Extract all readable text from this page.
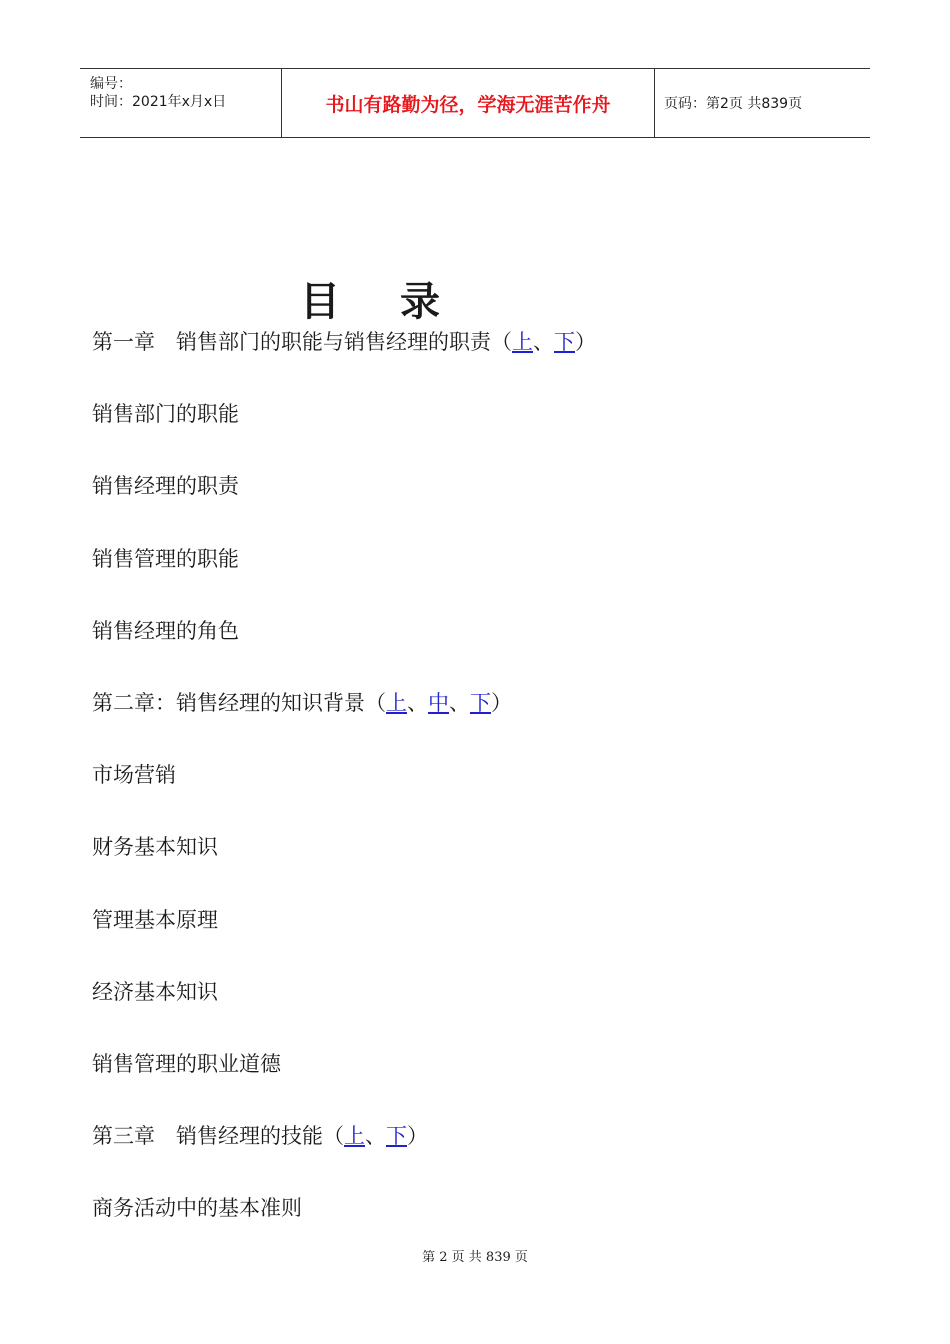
编号：
时间：2021年x月x日	书山有路勤为径，学海无涯苦作舟	页码：第2页 共839页
目录
第一章　销售部门的职能与销售经理的职责（上、下）
销售部门的职能
销售经理的职责
销售管理的职能
销售经理的角色
第二章：销售经理的知识背景（上、中、下）
市场营销
财务基本知识
管理基本原理
经济基本知识
销售管理的职业道德
第三章　销售经理的技能（上、下）
商务活动中的基本准则
第 2 页 共 839 页
